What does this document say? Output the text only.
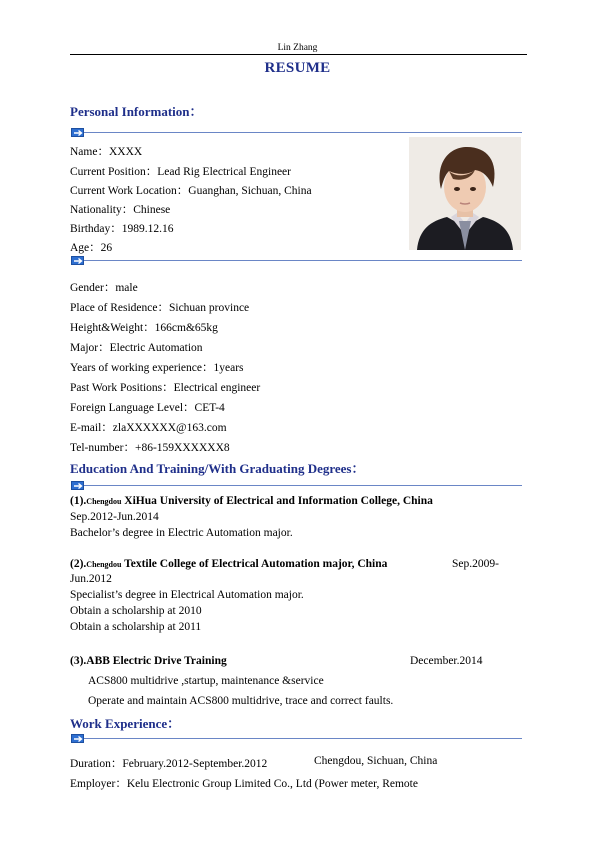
Lin Zhang
RESUME
Personal Information：
Name：XXXX
Current Position：Lead Rig Electrical Engineer
Current Work Location：Guanghan, Sichuan, China
Nationality：Chinese
Birthday：1989.12.16
Age：26
Gender：male
Place of Residence：Sichuan province
Height&Weight：166cm&65kg
Major：Electric Automation
Years of working experience：1years
Past Work Positions：Electrical engineer
Foreign Language Level：CET-4
E-mail：zlaXXXXXX@163.com
Tel-number：+86-159XXXXXX8
Education And Training/With Graduating Degrees：
(1).Chengdou XiHua University of Electrical and Information College, China
Sep.2012-Jun.2014
Bachelor’s degree in Electric Automation major.
(2).Chengdou Textile College of Electrical Automation major, China	Sep.2009-
Jun.2012
Specialist’s degree in Electrical Automation major.
Obtain a scholarship at 2010
Obtain a scholarship at 2011
(3).ABB Electric Drive Training	December.2014
ACS800 multidrive ,startup, maintenance &service
Operate and maintain ACS800 multidrive, trace and correct faults.
Work Experience：
Duration：February.2012-September.2012	Chengdou, Sichuan, China
Employer：Kelu Electronic Group Limited Co., Ltd (Power meter, Remote
